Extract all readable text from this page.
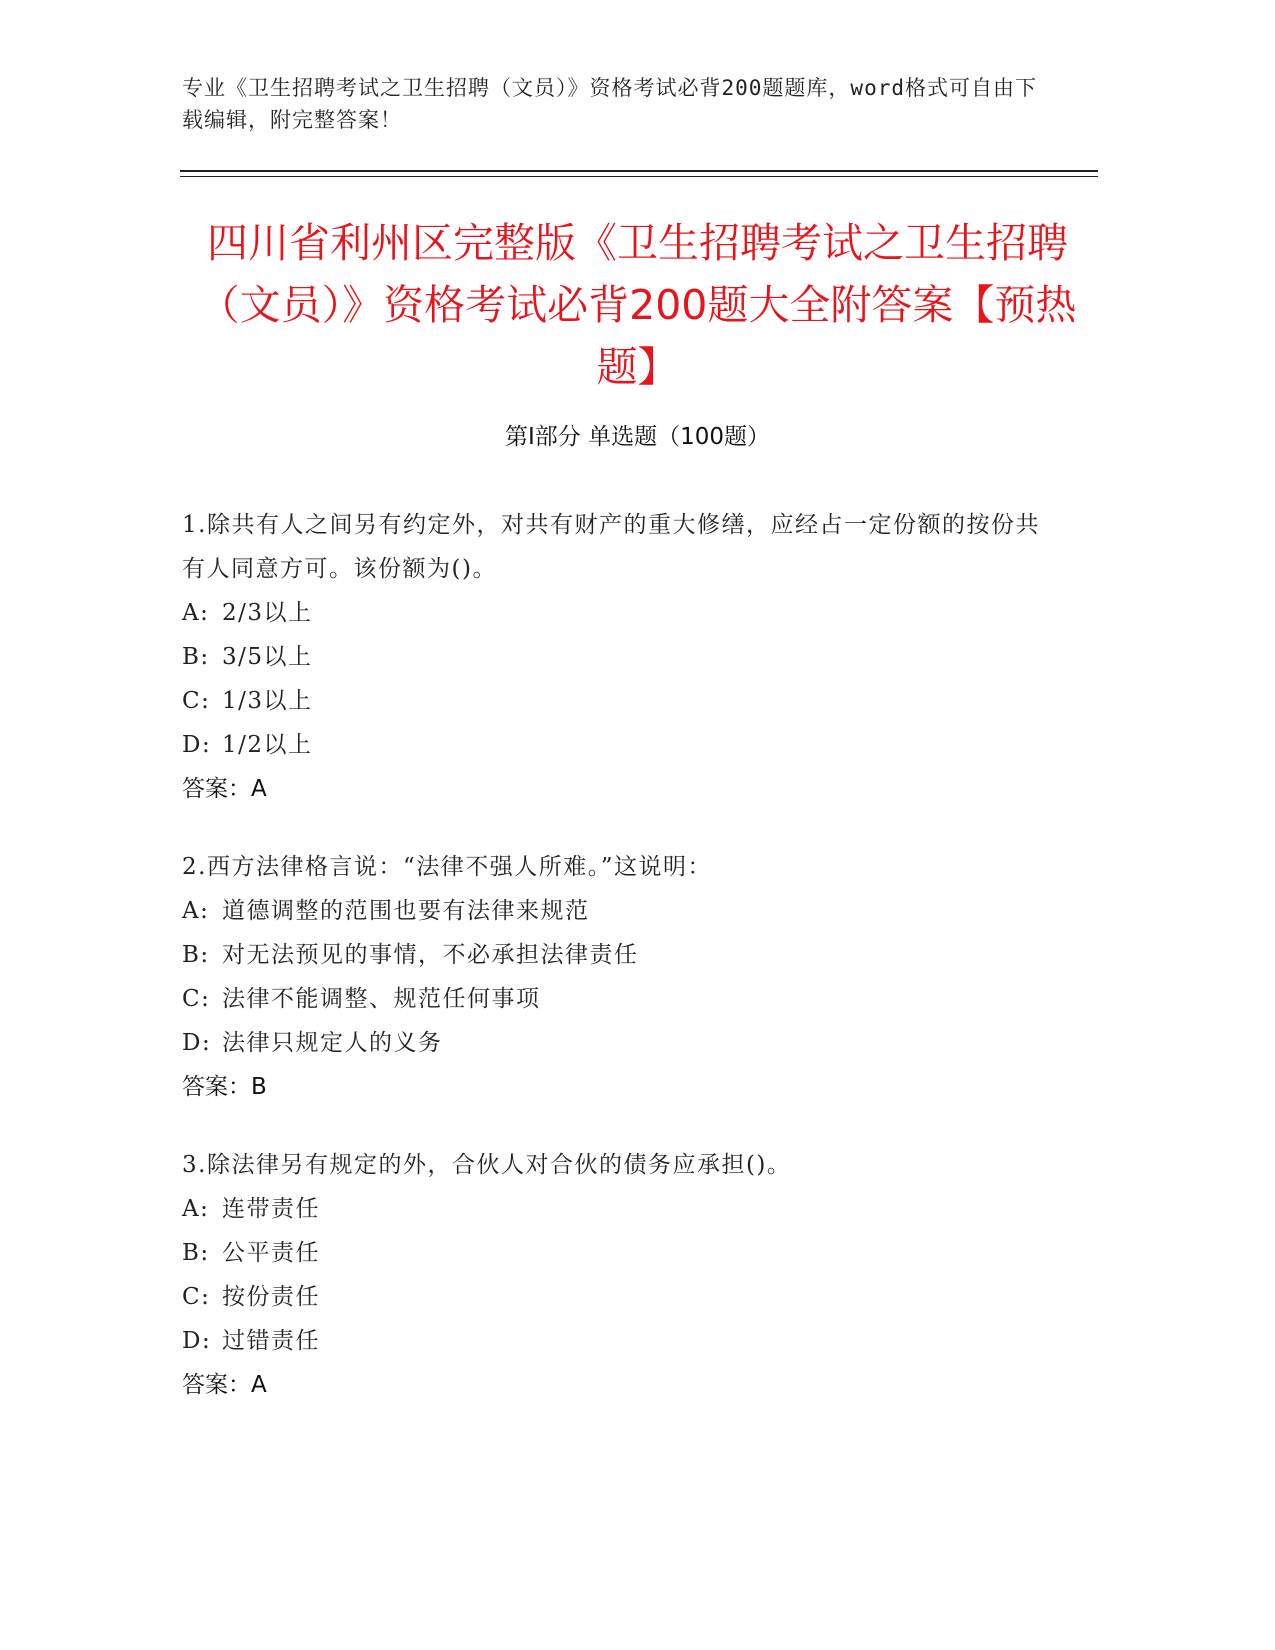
专业《卫生招聘考试之卫生招聘（文员）》资格考试必背200题题库，word格式可自由下载编辑，附完整答案！
四川省利州区完整版《卫生招聘考试之卫生招聘（文员）》资格考试必背200题大全附答案【预热题】
第I部分 单选题（100题）
1.除共有人之间另有约定外，对共有财产的重大修缮，应经占一定份额的按份共有人同意方可。该份额为()。
A: 2/3以上
B: 3/5以上
C: 1/3以上
D: 1/2以上
答案：A
2.西方法律格言说：“法律不强人所难。”这说明：
A: 道德调整的范围也要有法律来规范
B: 对无法预见的事情，不必承担法律责任
C: 法律不能调整、规范任何事项
D: 法律只规定人的义务
答案：B
3.除法律另有规定的外，合伙人对合伙的债务应承担()。
A: 连带责任
B: 公平责任
C: 按份责任
D: 过错责任
答案：A
